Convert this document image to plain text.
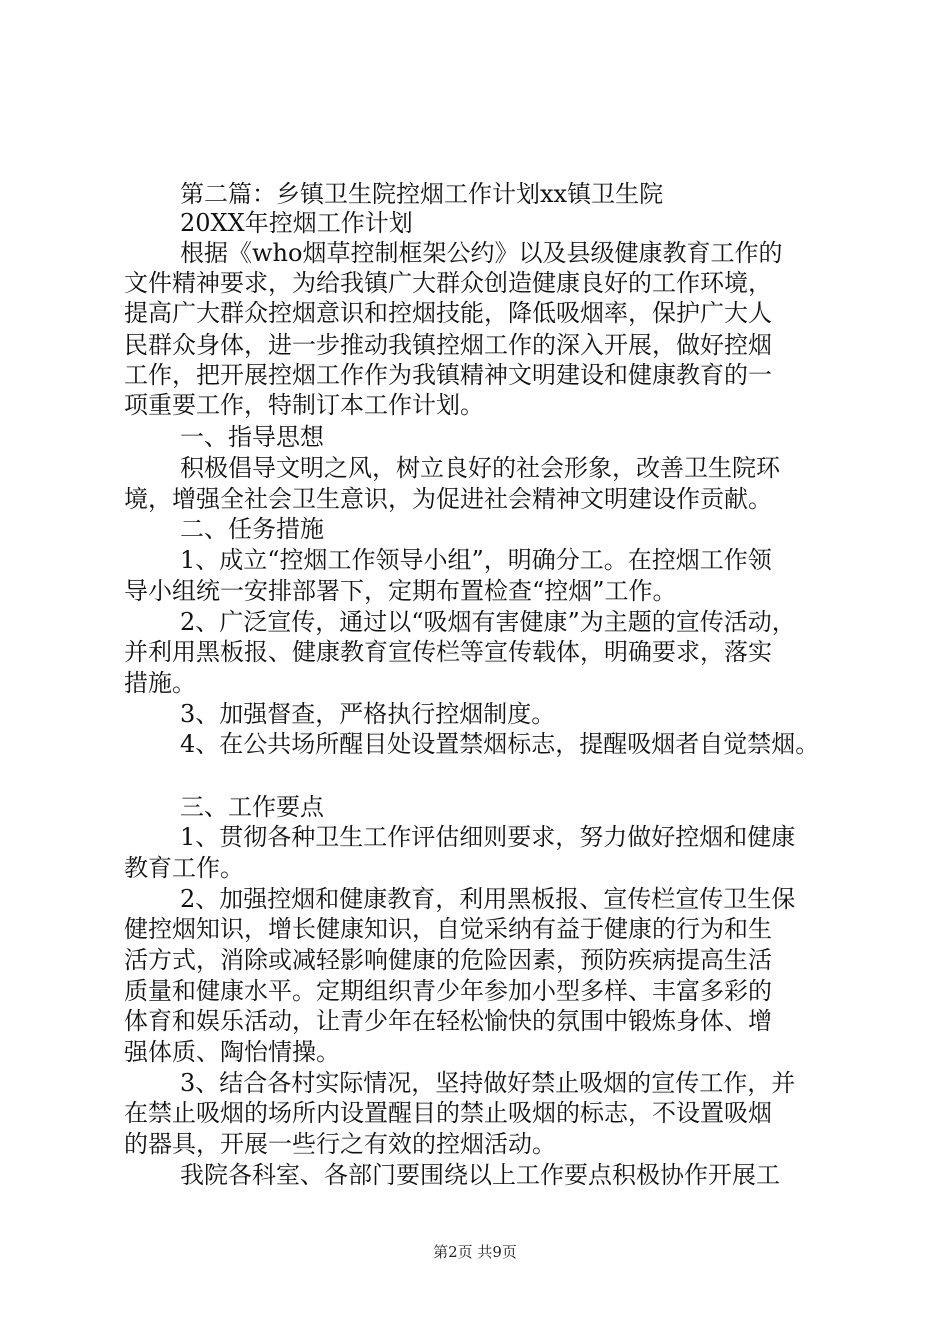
第二篇：乡镇卫生院控烟工作计划xx镇卫生院
20XX年控烟工作计划
根据《who烟草控制框架公约》以及县级健康教育工作的
文件精神要求，为给我镇广大群众创造健康良好的工作环境，
提高广大群众控烟意识和控烟技能，降低吸烟率，保护广大人
民群众身体，进一步推动我镇控烟工作的深入开展，做好控烟
工作，把开展控烟工作作为我镇精神文明建设和健康教育的一
项重要工作，特制订本工作计划。
一、指导思想
积极倡导文明之风，树立良好的社会形象，改善卫生院环
境，增强全社会卫生意识，为促进社会精神文明建设作贡献。
二、任务措施
1、成立“控烟工作领导小组”，明确分工。在控烟工作领
导小组统一安排部署下，定期布置检查“控烟”工作。
2、广泛宣传，通过以“吸烟有害健康”为主题的宣传活动，
并利用黑板报、健康教育宣传栏等宣传载体，明确要求，落实
措施。
3、加强督查，严格执行控烟制度。
4、在公共场所醒目处设置禁烟标志，提醒吸烟者自觉禁烟。
三、工作要点
1、贯彻各种卫生工作评估细则要求，努力做好控烟和健康
教育工作。
2、加强控烟和健康教育，利用黑板报、宣传栏宣传卫生保
健控烟知识，增长健康知识，自觉采纳有益于健康的行为和生
活方式，消除或减轻影响健康的危险因素，预防疾病提高生活
质量和健康水平。定期组织青少年参加小型多样、丰富多彩的
体育和娱乐活动，让青少年在轻松愉快的氛围中锻炼身体、增
强体质、陶怡情操。
3、结合各村实际情况，坚持做好禁止吸烟的宣传工作，并
在禁止吸烟的场所内设置醒目的禁止吸烟的标志，不设置吸烟
的器具，开展一些行之有效的控烟活动。
我院各科室、各部门要围绕以上工作要点积极协作开展工
第2页 共9页
